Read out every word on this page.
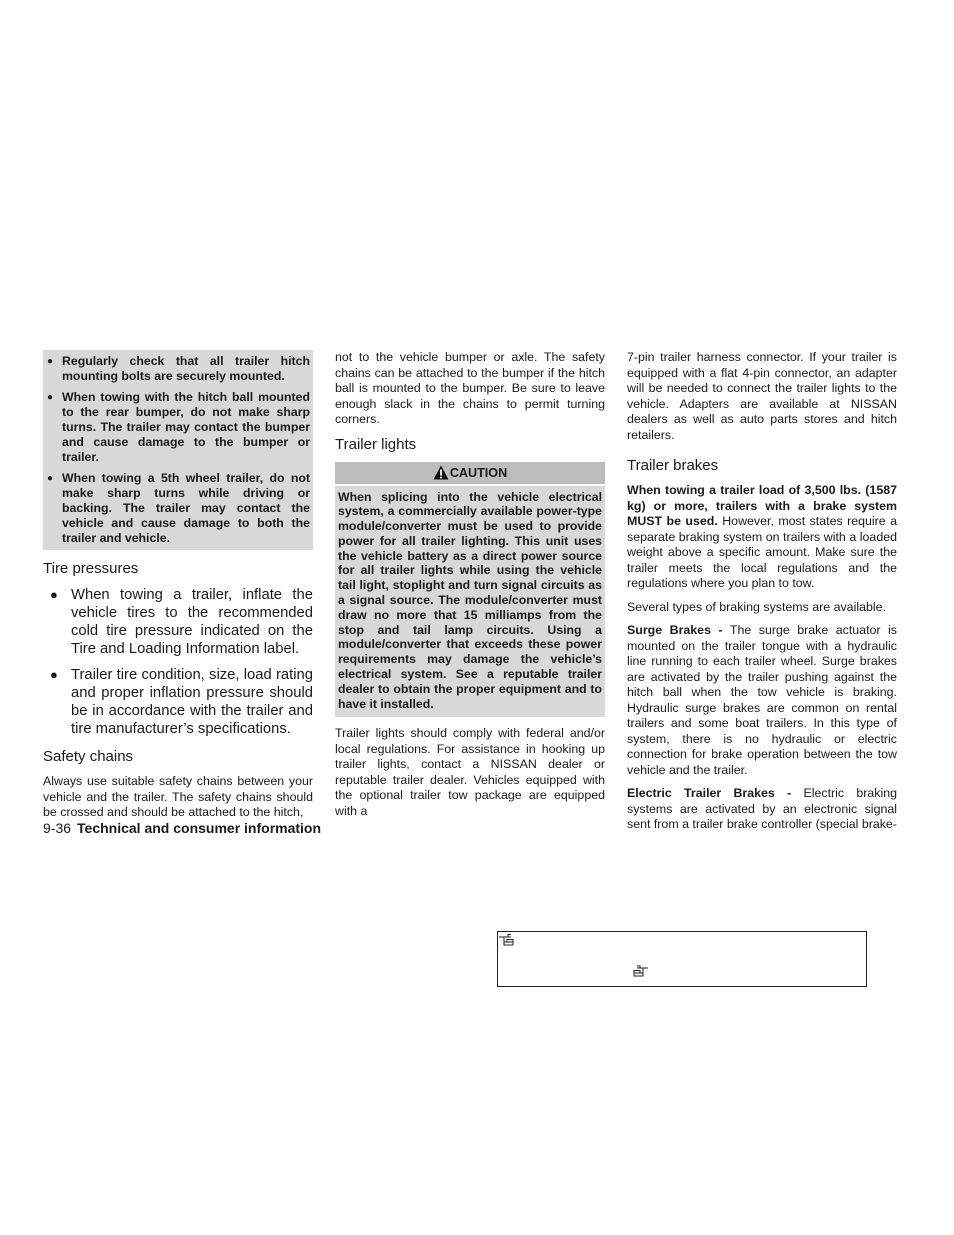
● Regularly check that all trailer hitch mounting bolts are securely mounted.
● When towing with the hitch ball mounted to the rear bumper, do not make sharp turns. The trailer may contact the bumper and cause damage to the bumper or trailer.
● When towing a 5th wheel trailer, do not make sharp turns while driving or backing. The trailer may contact the vehicle and cause damage to both the trailer and vehicle.
Tire pressures
● When towing a trailer, inflate the vehicle tires to the recommended cold tire pressure indicated on the Tire and Loading Information label.
● Trailer tire condition, size, load rating and proper inflation pressure should be in accordance with the trailer and tire manufacturer’s specifications.
Safety chains

Always use suitable safety chains between your vehicle and the trailer. The safety chains should be crossed and should be attached to the hitch,

not to the vehicle bumper or axle. The safety chains can be attached to the bumper if the hitch ball is mounted to the bumper. Be sure to leave enough slack in the chains to permit turning corners.

Trailer lights
CAUTION
When splicing into the vehicle electrical system, a commercially available power-type module/converter must be used to provide power for all trailer lighting. This unit uses the vehicle battery as a direct power source for all trailer lights while using the vehicle tail light, stoplight and turn signal circuits as a signal source. The module/converter must draw no more that 15 milliamps from the stop and tail lamp circuits. Using a module/converter that exceeds these power requirements may damage the vehicle’s electrical system. See a reputable trailer dealer to obtain the proper equipment and to have it installed.

Trailer lights should comply with federal and/or local regulations. For assistance in hooking up trailer lights, contact a NISSAN dealer or reputable trailer dealer. Vehicles equipped with the optional trailer tow package are equipped with a

7-pin trailer harness connector. If your trailer is equipped with a flat 4-pin connector, an adapter will be needed to connect the trailer lights to the vehicle. Adapters are available at NISSAN dealers as well as auto parts stores and hitch retailers.

Trailer brakes

When towing a trailer load of 3,500 lbs. (1587 kg) or more, trailers with a brake system MUST be used. However, most states require a separate braking system on trailers with a loaded weight above a specific amount. Make sure the trailer meets the local regulations and the regulations where you plan to tow.

Several types of braking systems are available.

Surge Brakes - The surge brake actuator is mounted on the trailer tongue with a hydraulic line running to each trailer wheel. Surge brakes are activated by the trailer pushing against the hitch ball when the tow vehicle is braking. Hydraulic surge brakes are common on rental trailers and some boat trailers. In this type of system, there is no hydraulic or electric connection for brake operation between the tow vehicle and the trailer.

Electric Trailer Brakes - Electric braking systems are activated by an electronic signal sent from a trailer brake controller (special brake-

9-36 Technical and consumer information
